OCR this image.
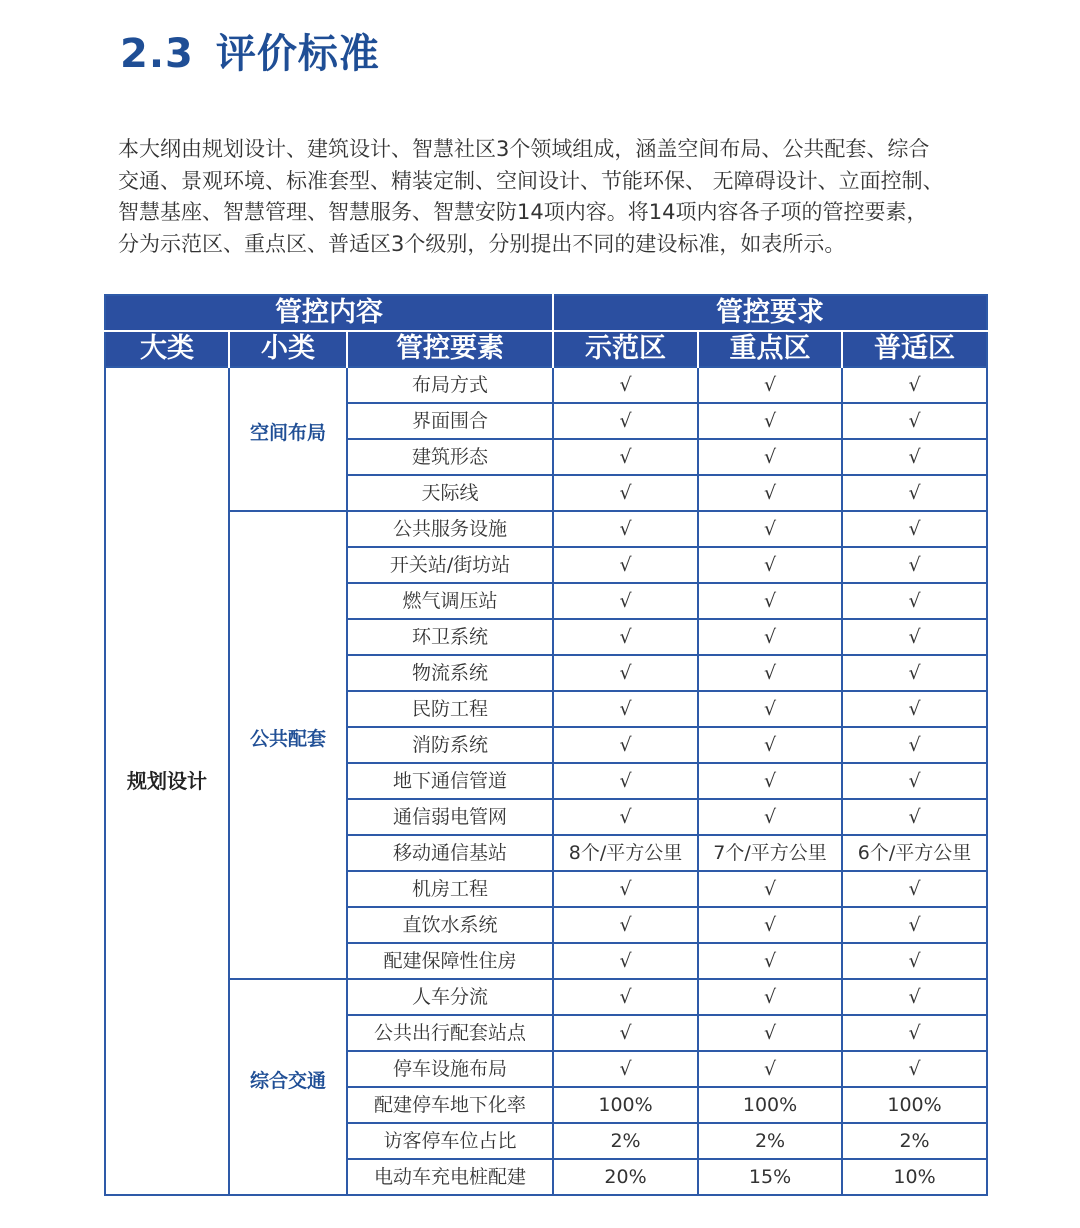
2.3 评价标准

本大纲由规划设计、建筑设计、智慧社区3个领域组成，涵盖空间布局、公共配套、综合
交通、景观环境、标准套型、精装定制、空间设计、节能环保、 无障碍设计、立面控制、
智慧基座、智慧管理、智慧服务、智慧安防14项内容。将14项内容各子项的管控要素，
分为示范区、重点区、普适区3个级别，分别提出不同的建设标准，如表所示。

管控内容			管控要求		
大类	小类	管控要素	示范区	重点区	普适区
规划设计	空间布局	布局方式	√	√	√
		界面围合	√	√	√
		建筑形态	√	√	√
		天际线	√	√	√
	公共配套	公共服务设施	√	√	√
		开关站/街坊站	√	√	√
		燃气调压站	√	√	√
		环卫系统	√	√	√
		物流系统	√	√	√
		民防工程	√	√	√
		消防系统	√	√	√
		地下通信管道	√	√	√
		通信弱电管网	√	√	√
		移动通信基站	8个/平方公里	7个/平方公里	6个/平方公里
		机房工程	√	√	√
		直饮水系统	√	√	√
		配建保障性住房	√	√	√
	综合交通	人车分流	√	√	√
		公共出行配套站点	√	√	√
		停车设施布局	√	√	√
		配建停车地下化率	100%	100%	100%
		访客停车位占比	2%	2%	2%
		电动车充电桩配建	20%	15%	10%
